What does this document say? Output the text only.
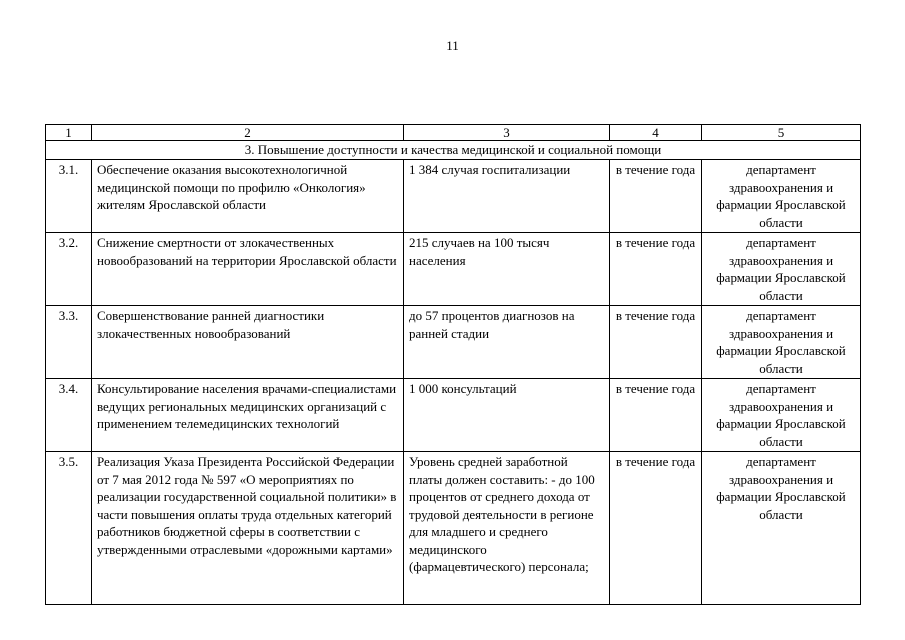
11
1	2	3	4	5
3. Повышение доступности и качества медицинской и социальной помощи				
3.1.	Обеспечение оказания высокотехнологичной медицинской помощи по профилю «Онкология» жителям Ярославской области	1 384 случая госпитализации	в течение года	департамент здравоохранения и фармации Ярославской области
3.2.	Снижение смертности от злокачественных новообразований на территории Ярославской области	215 случаев на 100 тысяч населения	в течение года	департамент здравоохранения и фармации Ярославской области
3.3.	Совершенствование ранней диагностики злокачественных новообразований	до 57 процентов диагнозов на ранней стадии	в течение года	департамент здравоохранения и фармации Ярославской области
3.4.	Консультирование населения врачами-специалистами ведущих региональных медицинских организаций с применением телемедицинских технологий	1 000 консультаций	в течение года	департамент здравоохранения и фармации Ярославской области
3.5.	Реализация Указа Президента Российской Федерации от 7 мая 2012 года № 597 «О мероприятиях по реализации государственной социальной политики» в части повышения оплаты труда отдельных категорий работников бюджетной сферы в соответствии с утвержденными отраслевыми «дорожными картами»	Уровень средней заработной платы должен составить: - до 100 процентов от среднего дохода от трудовой деятельности в регионе для младшего и среднего медицинского (фармацевтического) персонала;	в течение года	департамент здравоохранения и фармации Ярославской области
